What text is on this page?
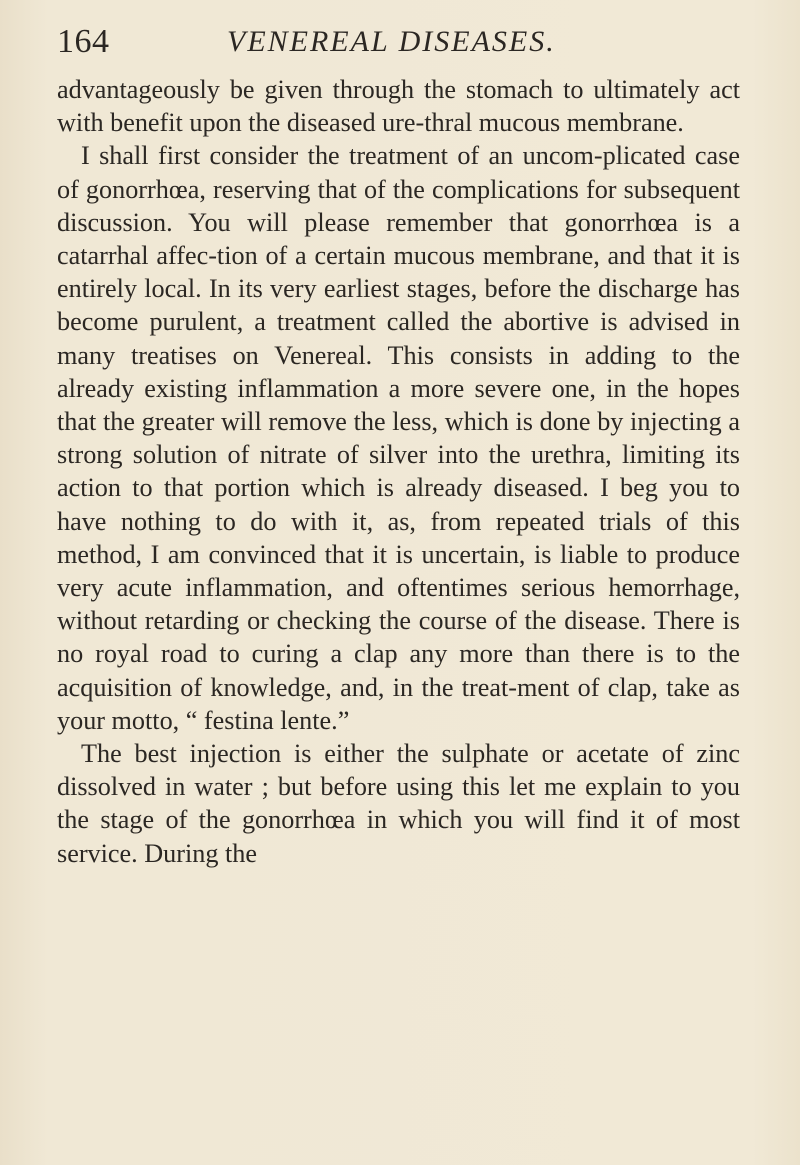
164	VENEREAL DISEASES.

advantageously be given through the stomach to ultimately act with benefit upon the diseased ure-thral mucous membrane.

I shall first consider the treatment of an uncom-plicated case of gonorrhœa, reserving that of the complications for subsequent discussion. You will please remember that gonorrhœa is a catarrhal affec-tion of a certain mucous membrane, and that it is entirely local. In its very earliest stages, before the discharge has become purulent, a treatment called the abortive is advised in many treatises on Venereal. This consists in adding to the already existing inflammation a more severe one, in the hopes that the greater will remove the less, which is done by injecting a strong solution of nitrate of silver into the urethra, limiting its action to that portion which is already diseased. I beg you to have nothing to do with it, as, from repeated trials of this method, I am convinced that it is uncertain, is liable to produce very acute inflammation, and oftentimes serious hemorrhage, without retarding or checking the course of the disease. There is no royal road to curing a clap any more than there is to the acquisition of knowledge, and, in the treat-ment of clap, take as your motto, “ festina lente.”

The best injection is either the sulphate or acetate of zinc dissolved in water ; but before using this let me explain to you the stage of the gonorrhœa in which you will find it of most service. During the
